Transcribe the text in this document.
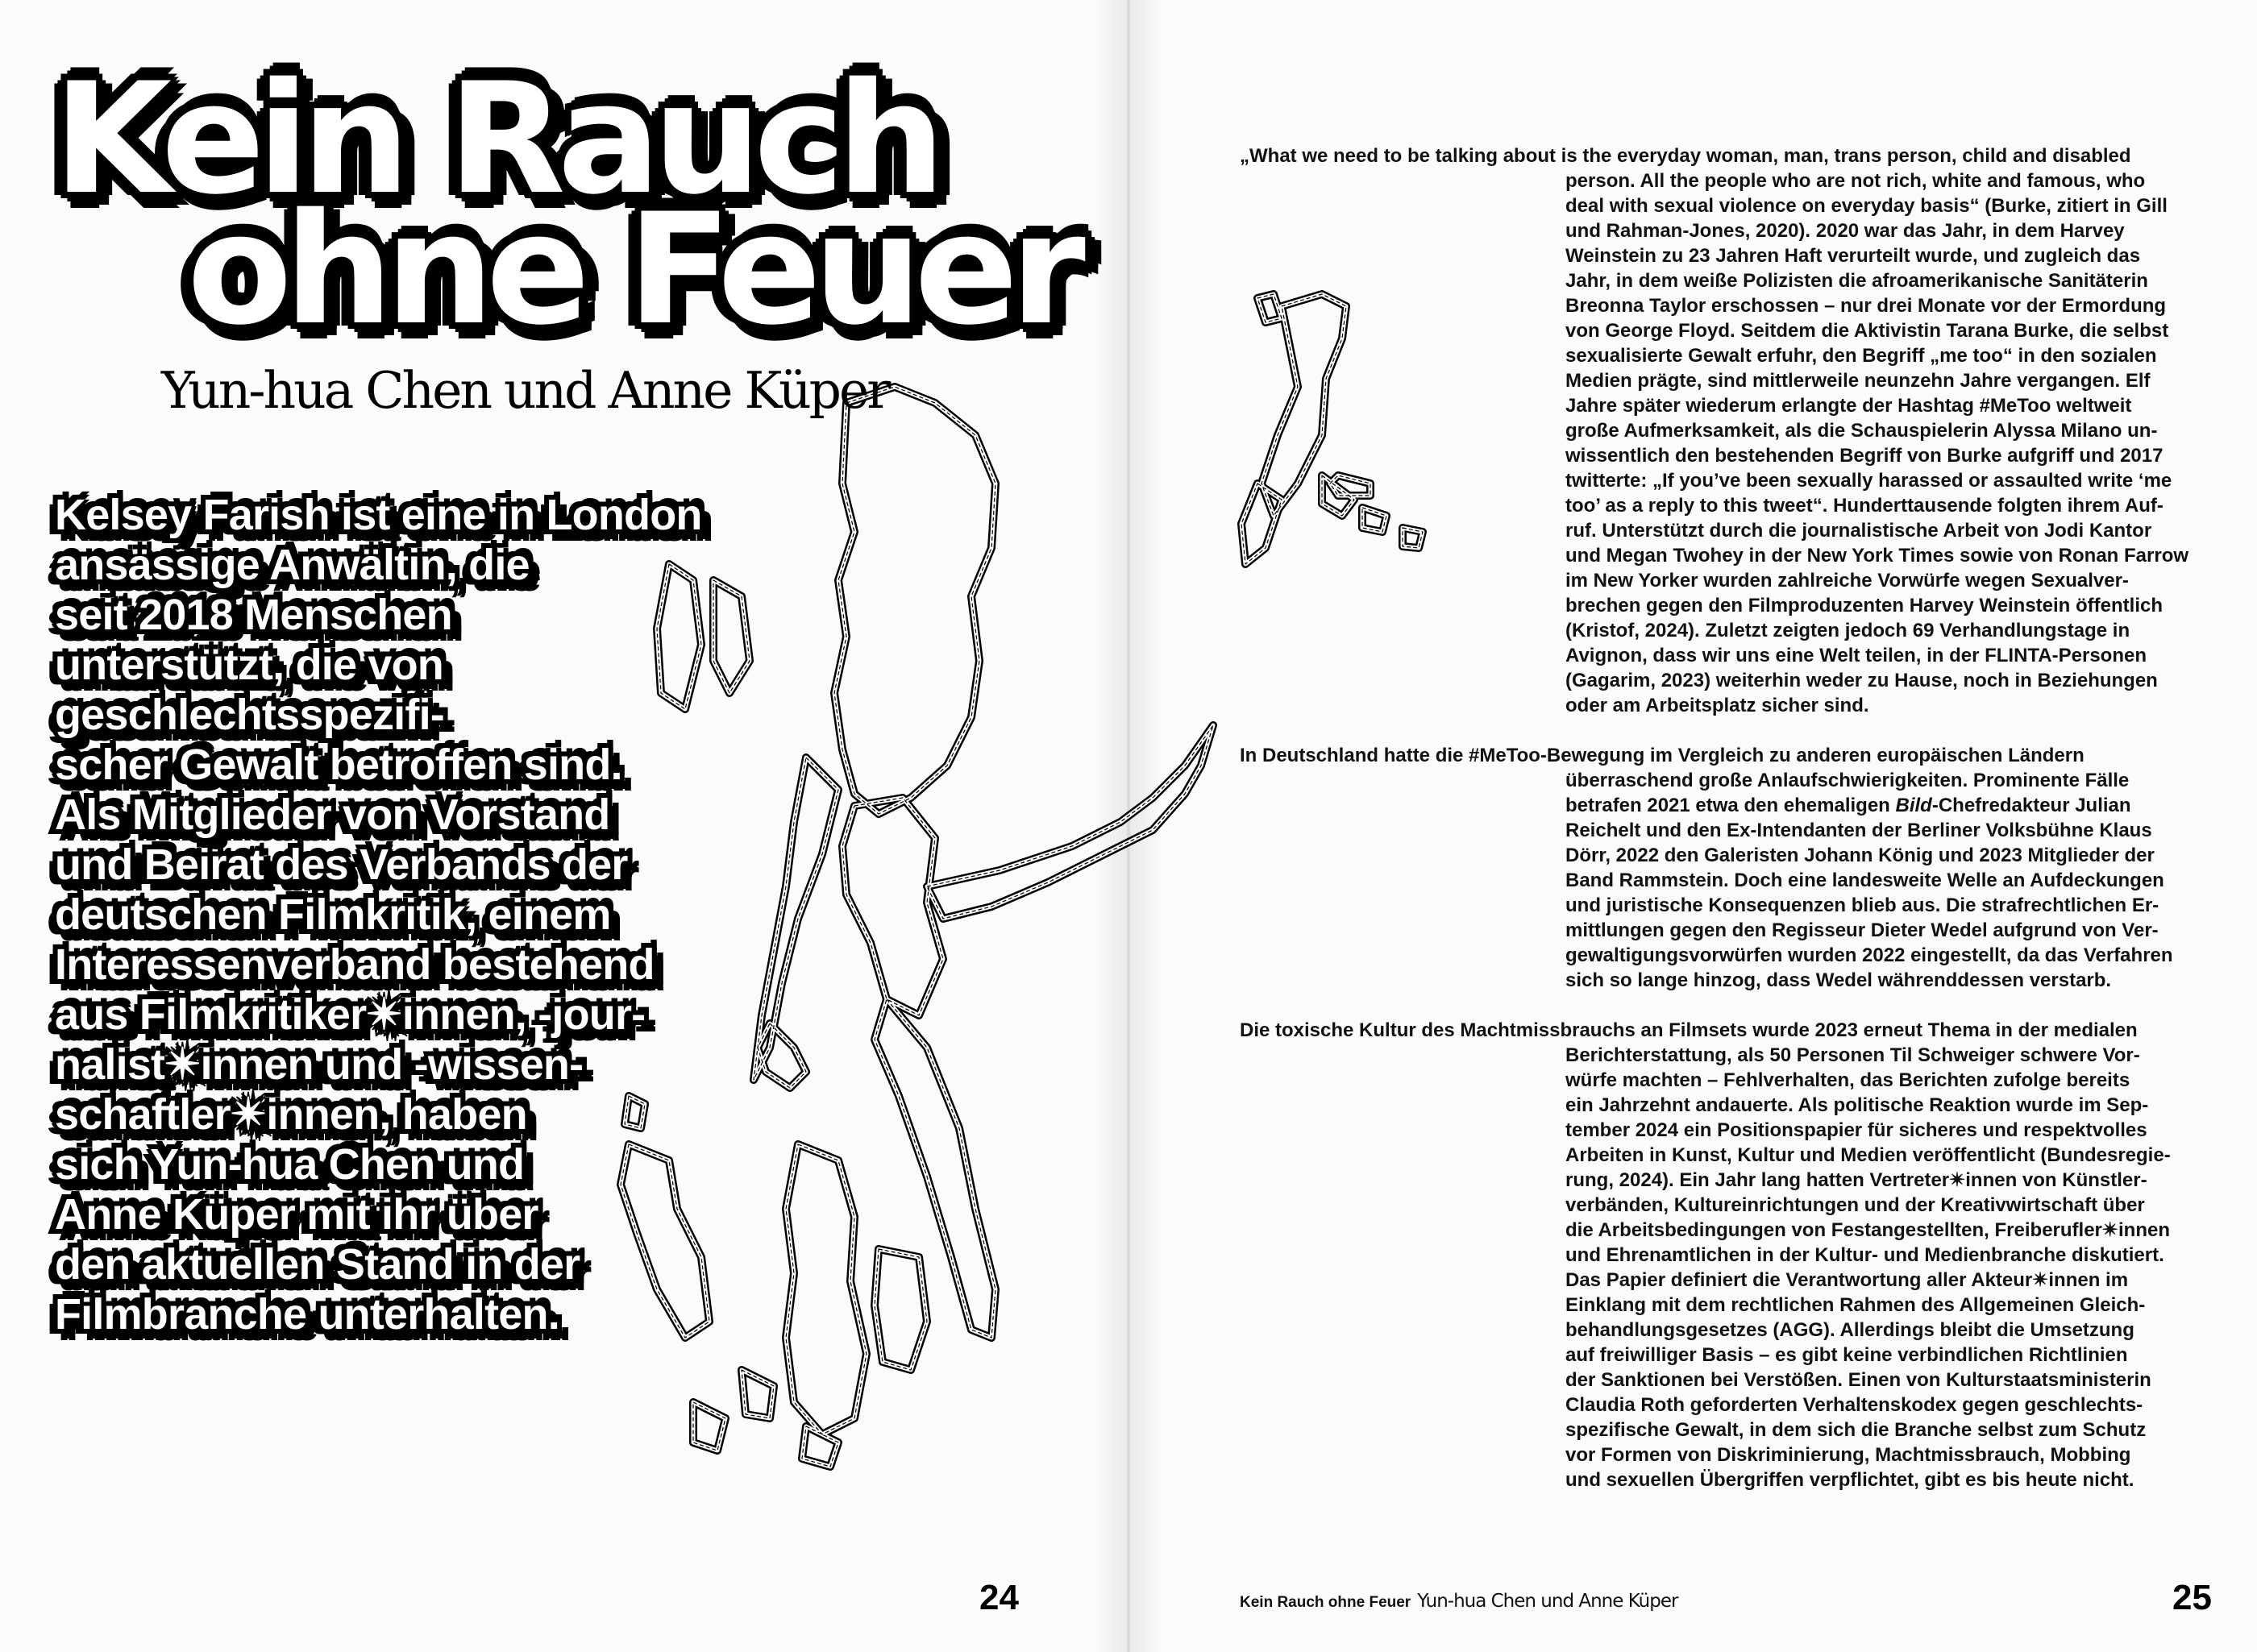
Kein Rauch
ohne Feuer
Yun-hua Chen und Anne Küper

Kelsey Farish ist eine in London
ansässige Anwältin, die
seit 2018 Menschen
unterstützt, die von
geschlechtsspezifi-
scher Gewalt betroffen sind.
Als Mitglieder von Vorstand
und Beirat des Verbands der
deutschen Filmkritik, einem
Interessenverband bestehend
aus Filmkritiker✴innen, -jour-
nalist✴innen und -wissen-
schaftler✴innen, haben
sich Yun-hua Chen und
Anne Küper mit ihr über
den aktuellen Stand in der
Filmbranche unterhalten.

24

„What we need to be talking about is the everyday woman, man, trans person, child and disabled
person. All the people who are not rich, white and famous, who
deal with sexual violence on everyday basis“ (Burke, zitiert in Gill
und Rahman-Jones, 2020). 2020 war das Jahr, in dem Harvey
Weinstein zu 23 Jahren Haft verurteilt wurde, und zugleich das
Jahr, in dem weiße Polizisten die afroamerikanische Sanitäterin
Breonna Taylor erschossen – nur drei Monate vor der Ermordung
von George Floyd. Seitdem die Aktivistin Tarana Burke, die selbst
sexualisierte Gewalt erfuhr, den Begriff „me too“ in den sozialen
Medien prägte, sind mittlerweile neunzehn Jahre vergangen. Elf
Jahre später wiederum erlangte der Hashtag #MeToo weltweit
große Aufmerksamkeit, als die Schauspielerin Alyssa Milano un-
wissentlich den bestehenden Begriff von Burke aufgriff und 2017
twitterte: „If you’ve been sexually harassed or assaulted write ‘me
too’ as a reply to this tweet“. Hunderttausende folgten ihrem Auf-
ruf. Unterstützt durch die journalistische Arbeit von Jodi Kantor
und Megan Twohey in der New York Times sowie von Ronan Farrow
im New Yorker wurden zahlreiche Vorwürfe wegen Sexualver-
brechen gegen den Filmproduzenten Harvey Weinstein öffentlich
(Kristof, 2024). Zuletzt zeigten jedoch 69 Verhandlungstage in
Avignon, dass wir uns eine Welt teilen, in der FLINTA-Personen
(Gagarim, 2023) weiterhin weder zu Hause, noch in Beziehungen
oder am Arbeitsplatz sicher sind.

In Deutschland hatte die #MeToo-Bewegung im Vergleich zu anderen europäischen Ländern
überraschend große Anlaufschwierigkeiten. Prominente Fälle
betrafen 2021 etwa den ehemaligen Bild-Chefredakteur Julian
Reichelt und den Ex-Intendanten der Berliner Volksbühne Klaus
Dörr, 2022 den Galeristen Johann König und 2023 Mitglieder der
Band Rammstein. Doch eine landesweite Welle an Aufdeckungen
und juristische Konsequenzen blieb aus. Die strafrechtlichen Er-
mittlungen gegen den Regisseur Dieter Wedel aufgrund von Ver-
gewaltigungsvorwürfen wurden 2022 eingestellt, da das Verfahren
sich so lange hinzog, dass Wedel währenddessen verstarb.

Die toxische Kultur des Machtmissbrauchs an Filmsets wurde 2023 erneut Thema in der medialen
Berichterstattung, als 50 Personen Til Schweiger schwere Vor-
würfe machten – Fehlverhalten, das Berichten zufolge bereits
ein Jahrzehnt andauerte. Als politische Reaktion wurde im Sep-
tember 2024 ein Positionspapier für sicheres und respektvolles
Arbeiten in Kunst, Kultur und Medien veröffentlicht (Bundesregie-
rung, 2024). Ein Jahr lang hatten Vertreter✴innen von Künstler-
verbänden, Kultureinrichtungen und der Kreativwirtschaft über
die Arbeitsbedingungen von Festangestellten, Freiberufler✴innen
und Ehrenamtlichen in der Kultur- und Medienbranche diskutiert.
Das Papier definiert die Verantwortung aller Akteur✴innen im
Einklang mit dem rechtlichen Rahmen des Allgemeinen Gleich-
behandlungsgesetzes (AGG). Allerdings bleibt die Umsetzung
auf freiwilliger Basis – es gibt keine verbindlichen Richtlinien
der Sanktionen bei Verstößen. Einen von Kulturstaatsministerin
Claudia Roth geforderten Verhaltenskodex gegen geschlechts-
spezifische Gewalt, in dem sich die Branche selbst zum Schutz
vor Formen von Diskriminierung, Machtmissbrauch, Mobbing
und sexuellen Übergriffen verpflichtet, gibt es bis heute nicht.

Kein Rauch ohne Feuer Yun-hua Chen und Anne Küper	25
